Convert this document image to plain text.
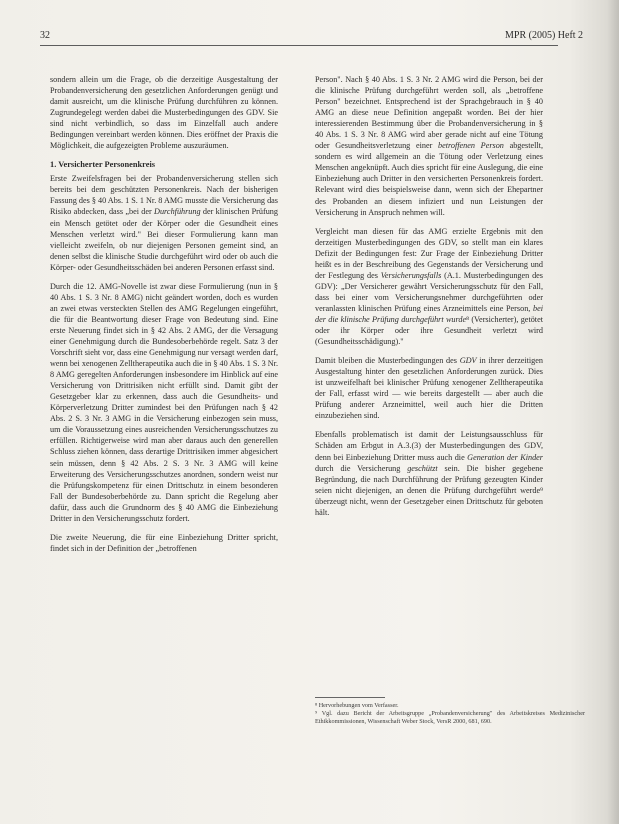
32	MPR (2005) Heft 2

sondern allein um die Frage, ob die derzeitige Ausgestaltung der Probandenversicherung den gesetzlichen Anforderungen genügt und damit ausreicht, um die klinische Prüfung durchführen zu können. Zugrundegelegt werden dabei die Musterbedingungen des GDV. Sie sind nicht verbindlich, so dass im Einzelfall auch andere Bedingungen vereinbart werden können. Dies eröffnet der Praxis die Möglichkeit, die aufgezeigten Probleme auszuräumen.

1. Versicherter Personenkreis

Erste Zweifelsfragen bei der Probandenversicherung stellen sich bereits bei dem geschützten Personenkreis. Nach der bisherigen Fassung des § 40 Abs. 1 S. 1 Nr. 8 AMG musste die Versicherung das Risiko abdecken, dass „bei der Durchführung der klinischen Prüfung ein Mensch getötet oder der Körper oder die Gesundheit eines Menschen verletzt wird." Bei dieser Formulierung kann man vielleicht zweifeln, ob nur diejenigen Personen gemeint sind, an denen selbst die klinische Studie durchgeführt wird oder ob auch die Körper- oder Gesundheitsschäden bei anderen Personen erfasst sind.

Durch die 12. AMG-Novelle ist zwar diese Formulierung (nun in § 40 Abs. 1 S. 3 Nr. 8 AMG) nicht geändert worden, doch es wurden an zwei etwas versteckten Stellen des AMG Regelungen eingeführt, die für die Beantwortung dieser Frage von Bedeutung sind. Eine erste Neuerung findet sich in § 42 Abs. 2 AMG, der die Versagung einer Genehmigung durch die Bundesoberbehörde regelt. Satz 3 der Vorschrift sieht vor, dass eine Genehmigung nur versagt werden darf, wenn bei xenogenen Zelltherapeutika auch die in § 40 Abs. 1 S. 3 Nr. 8 AMG geregelten Anforderungen insbesondere im Hinblick auf eine Versicherung von Drittrisiken nicht erfüllt sind. Damit gibt der Gesetzgeber klar zu erkennen, dass auch die Gesundheits- und Körperverletzung Dritter zumindest bei den Prüfungen nach § 42 Abs. 2 S. 3 Nr. 3 AMG in die Versicherung einbezogen sein muss, um die Voraussetzung eines ausreichenden Versicherungsschutzes zu erfüllen. Richtigerweise wird man aber daraus auch den generellen Schluss ziehen können, dass derartige Drittrisiken immer abgesichert sein müssen, denn § 42 Abs. 2 S. 3 Nr. 3 AMG will keine Erweiterung des Versicherungsschutzes anordnen, sondern weist nur die Prüfungskompetenz für einen Drittschutz in einem besonderen Fall der Bundesoberbehörde zu. Dann spricht die Regelung aber dafür, dass auch die Grundnorm des § 40 AMG die Einbeziehung Dritter in den Versicherungsschutz fordert.

Die zweite Neuerung, die für eine Einbeziehung Dritter spricht, findet sich in der Definition der „betroffenen

Person". Nach § 40 Abs. 1 S. 3 Nr. 2 AMG wird die Person, bei der die klinische Prüfung durchgeführt werden soll, als „betroffene Person" bezeichnet. Entsprechend ist der Sprachgebrauch in § 40 AMG an diese neue Definition angepaßt worden. Bei der hier interessierenden Bestimmung über die Probandenversicherung in § 40 Abs. 1 S. 3 Nr. 8 AMG wird aber gerade nicht auf eine Tötung oder Gesundheitsverletzung einer betroffenen Person abgestellt, sondern es wird allgemein an die Tötung oder Verletzung eines Menschen angeknüpft. Auch dies spricht für eine Auslegung, die eine Einbeziehung auch Dritter in den versicherten Personenkreis fordert. Relevant wird dies beispielsweise dann, wenn sich der Ehepartner des Probanden an diesem infiziert und nun Leistungen der Versicherung in Anspruch nehmen will.

Vergleicht man diesen für das AMG erzielte Ergebnis mit den derzeitigen Musterbedingungen des GDV, so stellt man ein klares Defizit der Bedingungen fest: Zur Frage der Einbeziehung Dritter heißt es in der Beschreibung des Gegenstands der Versicherung und der Festlegung des Versicherungsfalls (A.1. Musterbedingungen des GDV): „Der Versicherer gewährt Versicherungsschutz für den Fall, dass bei einer vom Versicherungsnehmer durchgeführten oder veranlassten klinischen Prüfung eines Arzneimittels eine Person, bei der die klinische Prüfung durchgeführt wurde⁸ (Versicherter), getötet oder ihr Körper oder ihre Gesundheit verletzt wird (Gesundheitsschädigung)."

Damit bleiben die Musterbedingungen des GDV in ihrer derzeitigen Ausgestaltung hinter den gesetzlichen Anforderungen zurück. Dies ist unzweifelhaft bei klinischer Prüfung xenogener Zelltherapeutika der Fall, erfasst wird — wie bereits dargestellt — aber auch die Prüfung anderer Arzneimittel, weil auch hier die Dritten einzubeziehen sind.

Ebenfalls problematisch ist damit der Leistungsausschluss für Schäden am Erbgut in A.3.(3) der Musterbedingungen des GDV, denn bei Einbeziehung Dritter muss auch die Generation der Kinder durch die Versicherung geschützt sein. Die bisher gegebene Begründung, die nach Durchführung der Prüfung gezeugten Kinder seien nicht diejenigen, an denen die Prüfung durchgeführt werde⁹ überzeugt nicht, wenn der Gesetzgeber einen Drittschutz für geboten hält.

⁸ Hervorhebungen vom Verfasser.

⁹ Vgl. dazu Bericht der Arbeitsgruppe „Probandenversicherung" des Arbeitskreises Medizinischer Ethikkommissionen, Wissenschaft Weber Stock, VersR 2000, 681, 690.
